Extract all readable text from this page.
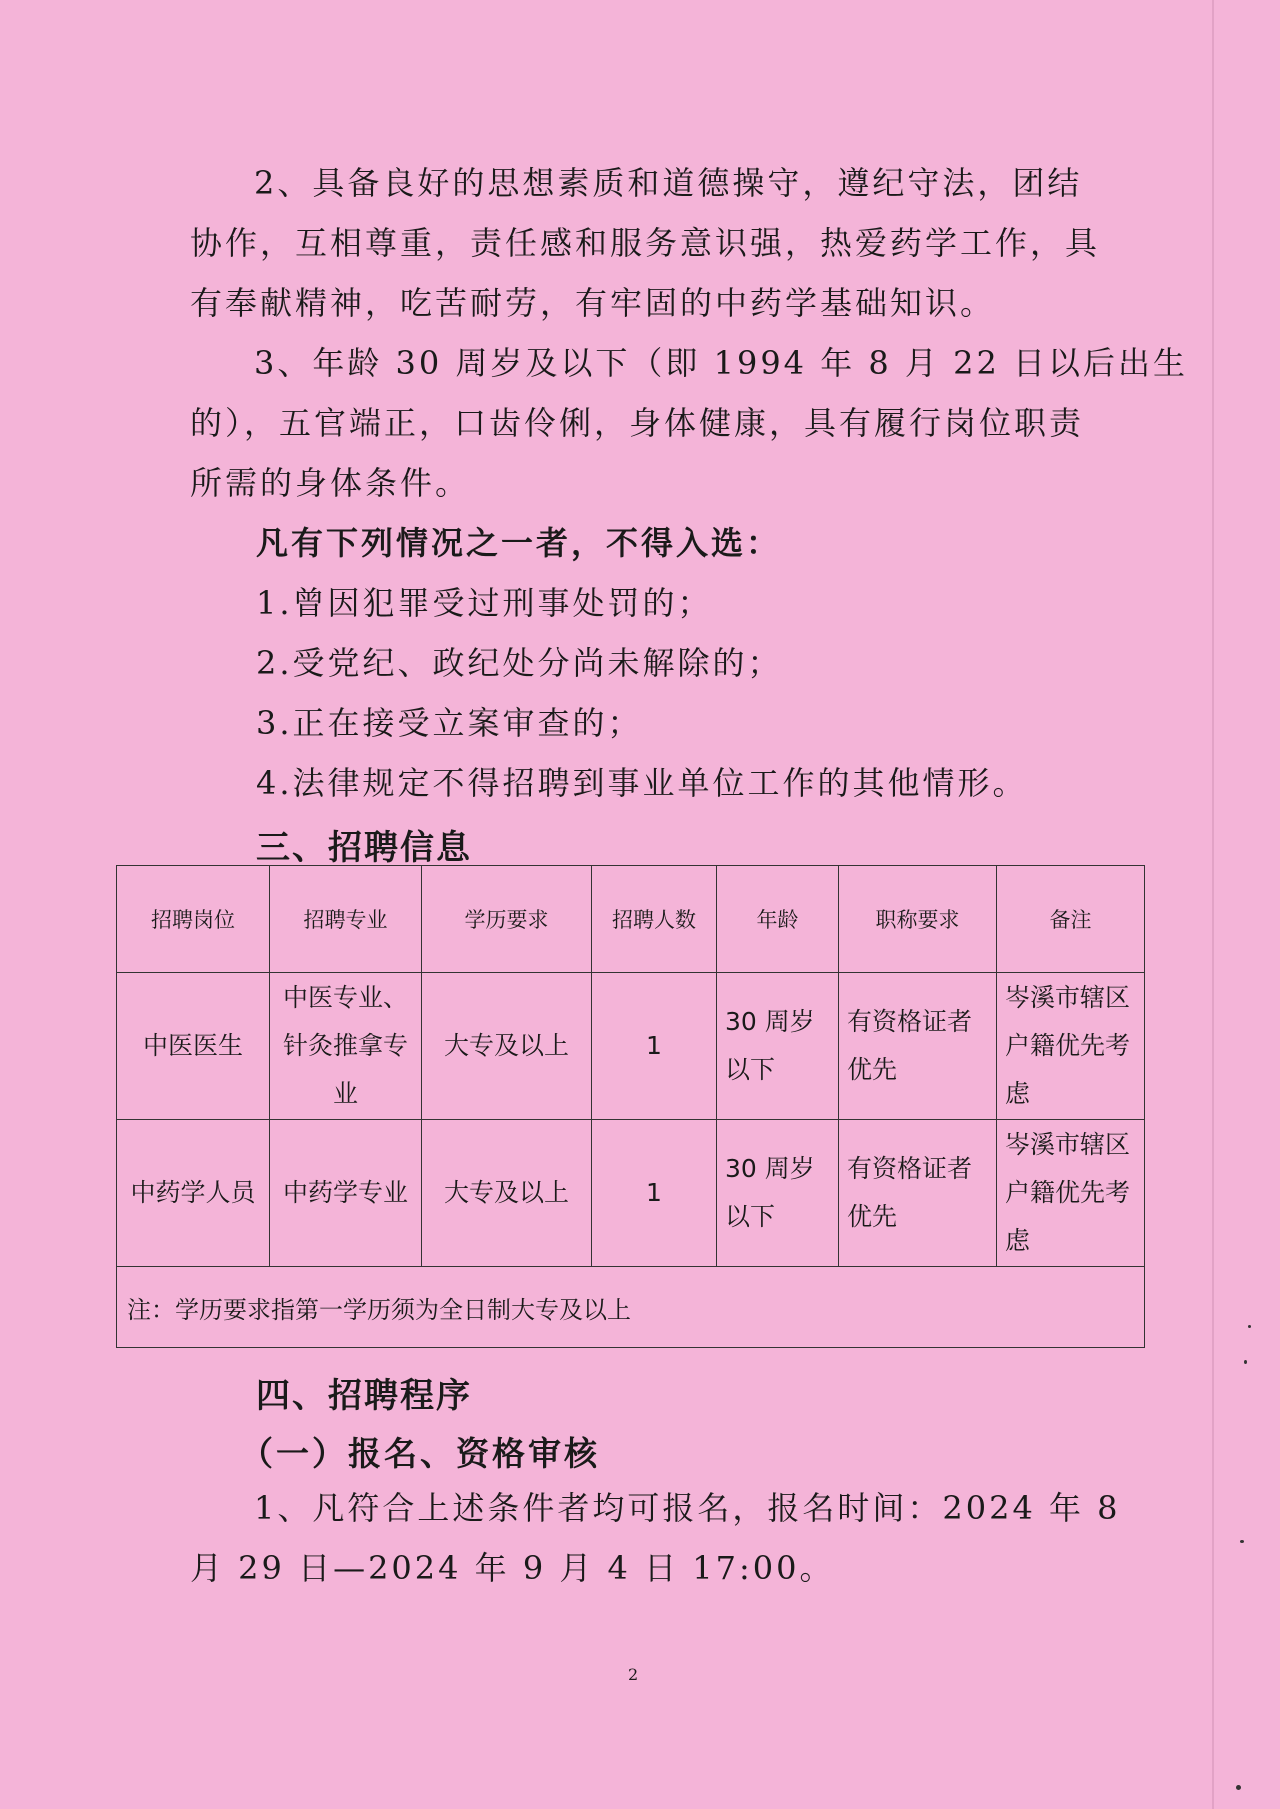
2、具备良好的思想素质和道德操守，遵纪守法，团结
协作，互相尊重，责任感和服务意识强，热爱药学工作，具
有奉献精神，吃苦耐劳，有牢固的中药学基础知识。
3、年龄 30 周岁及以下（即 1994 年 8 月 22 日以后出生
的），五官端正，口齿伶俐，身体健康，具有履行岗位职责
所需的身体条件。
凡有下列情况之一者，不得入选：
1.曾因犯罪受过刑事处罚的；
2.受党纪、政纪处分尚未解除的；
3.正在接受立案审查的；
4.法律规定不得招聘到事业单位工作的其他情形。
三、招聘信息
招聘岗位	招聘专业	学历要求	招聘人数	年龄	职称要求	备注
中医医生	中医专业、针灸推拿专业	大专及以上	1	30 周岁以下	有资格证者优先	岑溪市辖区户籍优先考虑
中药学人员	中药学专业	大专及以上	1	30 周岁以下	有资格证者优先	岑溪市辖区户籍优先考虑
注：学历要求指第一学历须为全日制大专及以上						
四、招聘程序
（一）报名、资格审核
1、凡符合上述条件者均可报名，报名时间：2024 年 8
月 29 日—2024 年 9 月 4 日 17:00。
2
